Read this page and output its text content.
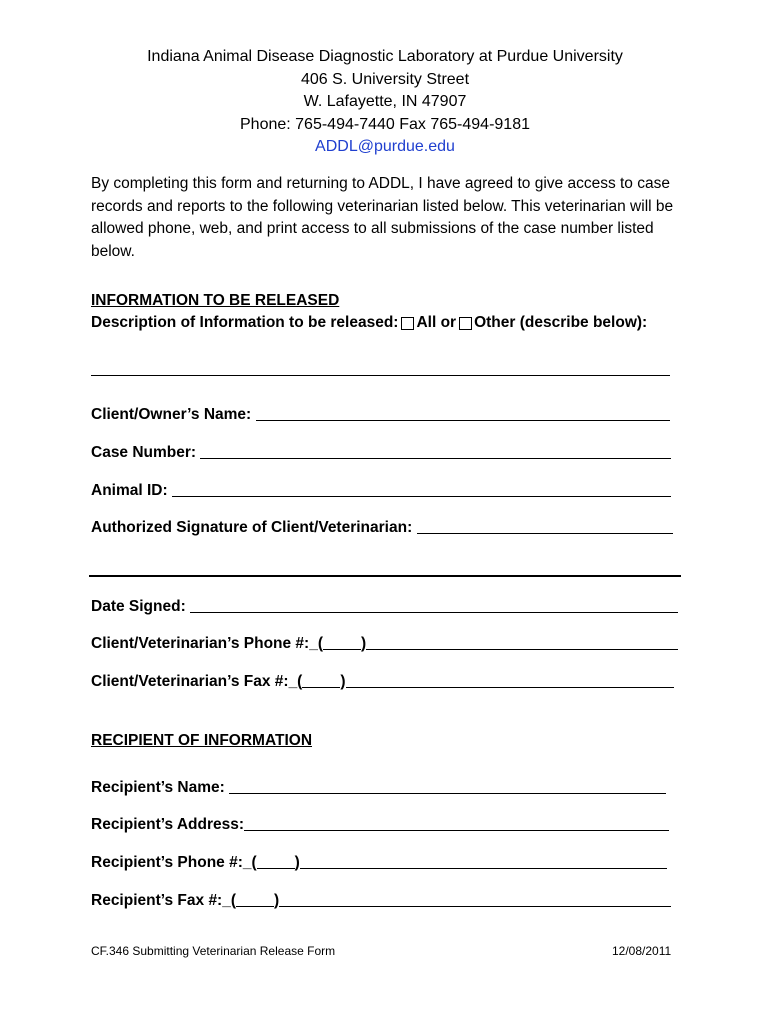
Indiana Animal Disease Diagnostic Laboratory at Purdue University
406 S. University Street
W. Lafayette, IN 47907
Phone: 765-494-7440 Fax 765-494-9181
ADDL@purdue.edu
By completing this form and returning to ADDL, I have agreed to give access to case records and reports to the following veterinarian listed below. This veterinarian will be allowed phone, web, and print access to all submissions of the case number listed below.
INFORMATION TO BE RELEASED
Description of Information to be released: All or Other (describe below):
Client/Owner’s Name:

Case Number:

Animal ID:

Authorized Signature of Client/Veterinarian:

Date Signed:

Client/Veterinarian’s Phone #: _( )
Client/Veterinarian’s Fax #: _( )
RECIPIENT OF INFORMATION
Recipient’s Name:

Recipient’s Address:
Recipient’s Phone #: _( )
Recipient’s Fax #: _( )
CF.346 Submitting Veterinarian Release Form	12/08/2011
